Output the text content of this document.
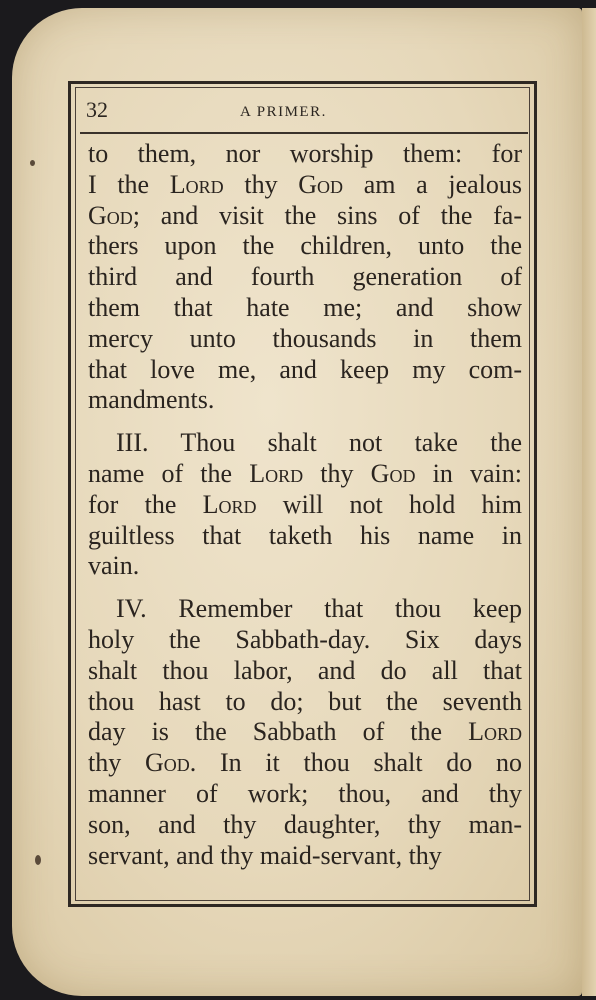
32	A PRIMER.
to them, nor worship them: for
I the Lord thy God am a jealous
God; and visit the sins of the fa-
thers upon the children, unto the
third and fourth generation of
them that hate me; and show
mercy unto thousands in them
that love me, and keep my com-
mandments.
III. Thou shalt not take the
name of the Lord thy God in vain:
for the Lord will not hold him
guiltless that taketh his name in
vain.
IV. Remember that thou keep
holy the Sabbath-day. Six days
shalt thou labor, and do all that
thou hast to do; but the seventh
day is the Sabbath of the Lord
thy God. In it thou shalt do no
manner of work; thou, and thy
son, and thy daughter, thy man-
servant, and thy maid-servant, thy
